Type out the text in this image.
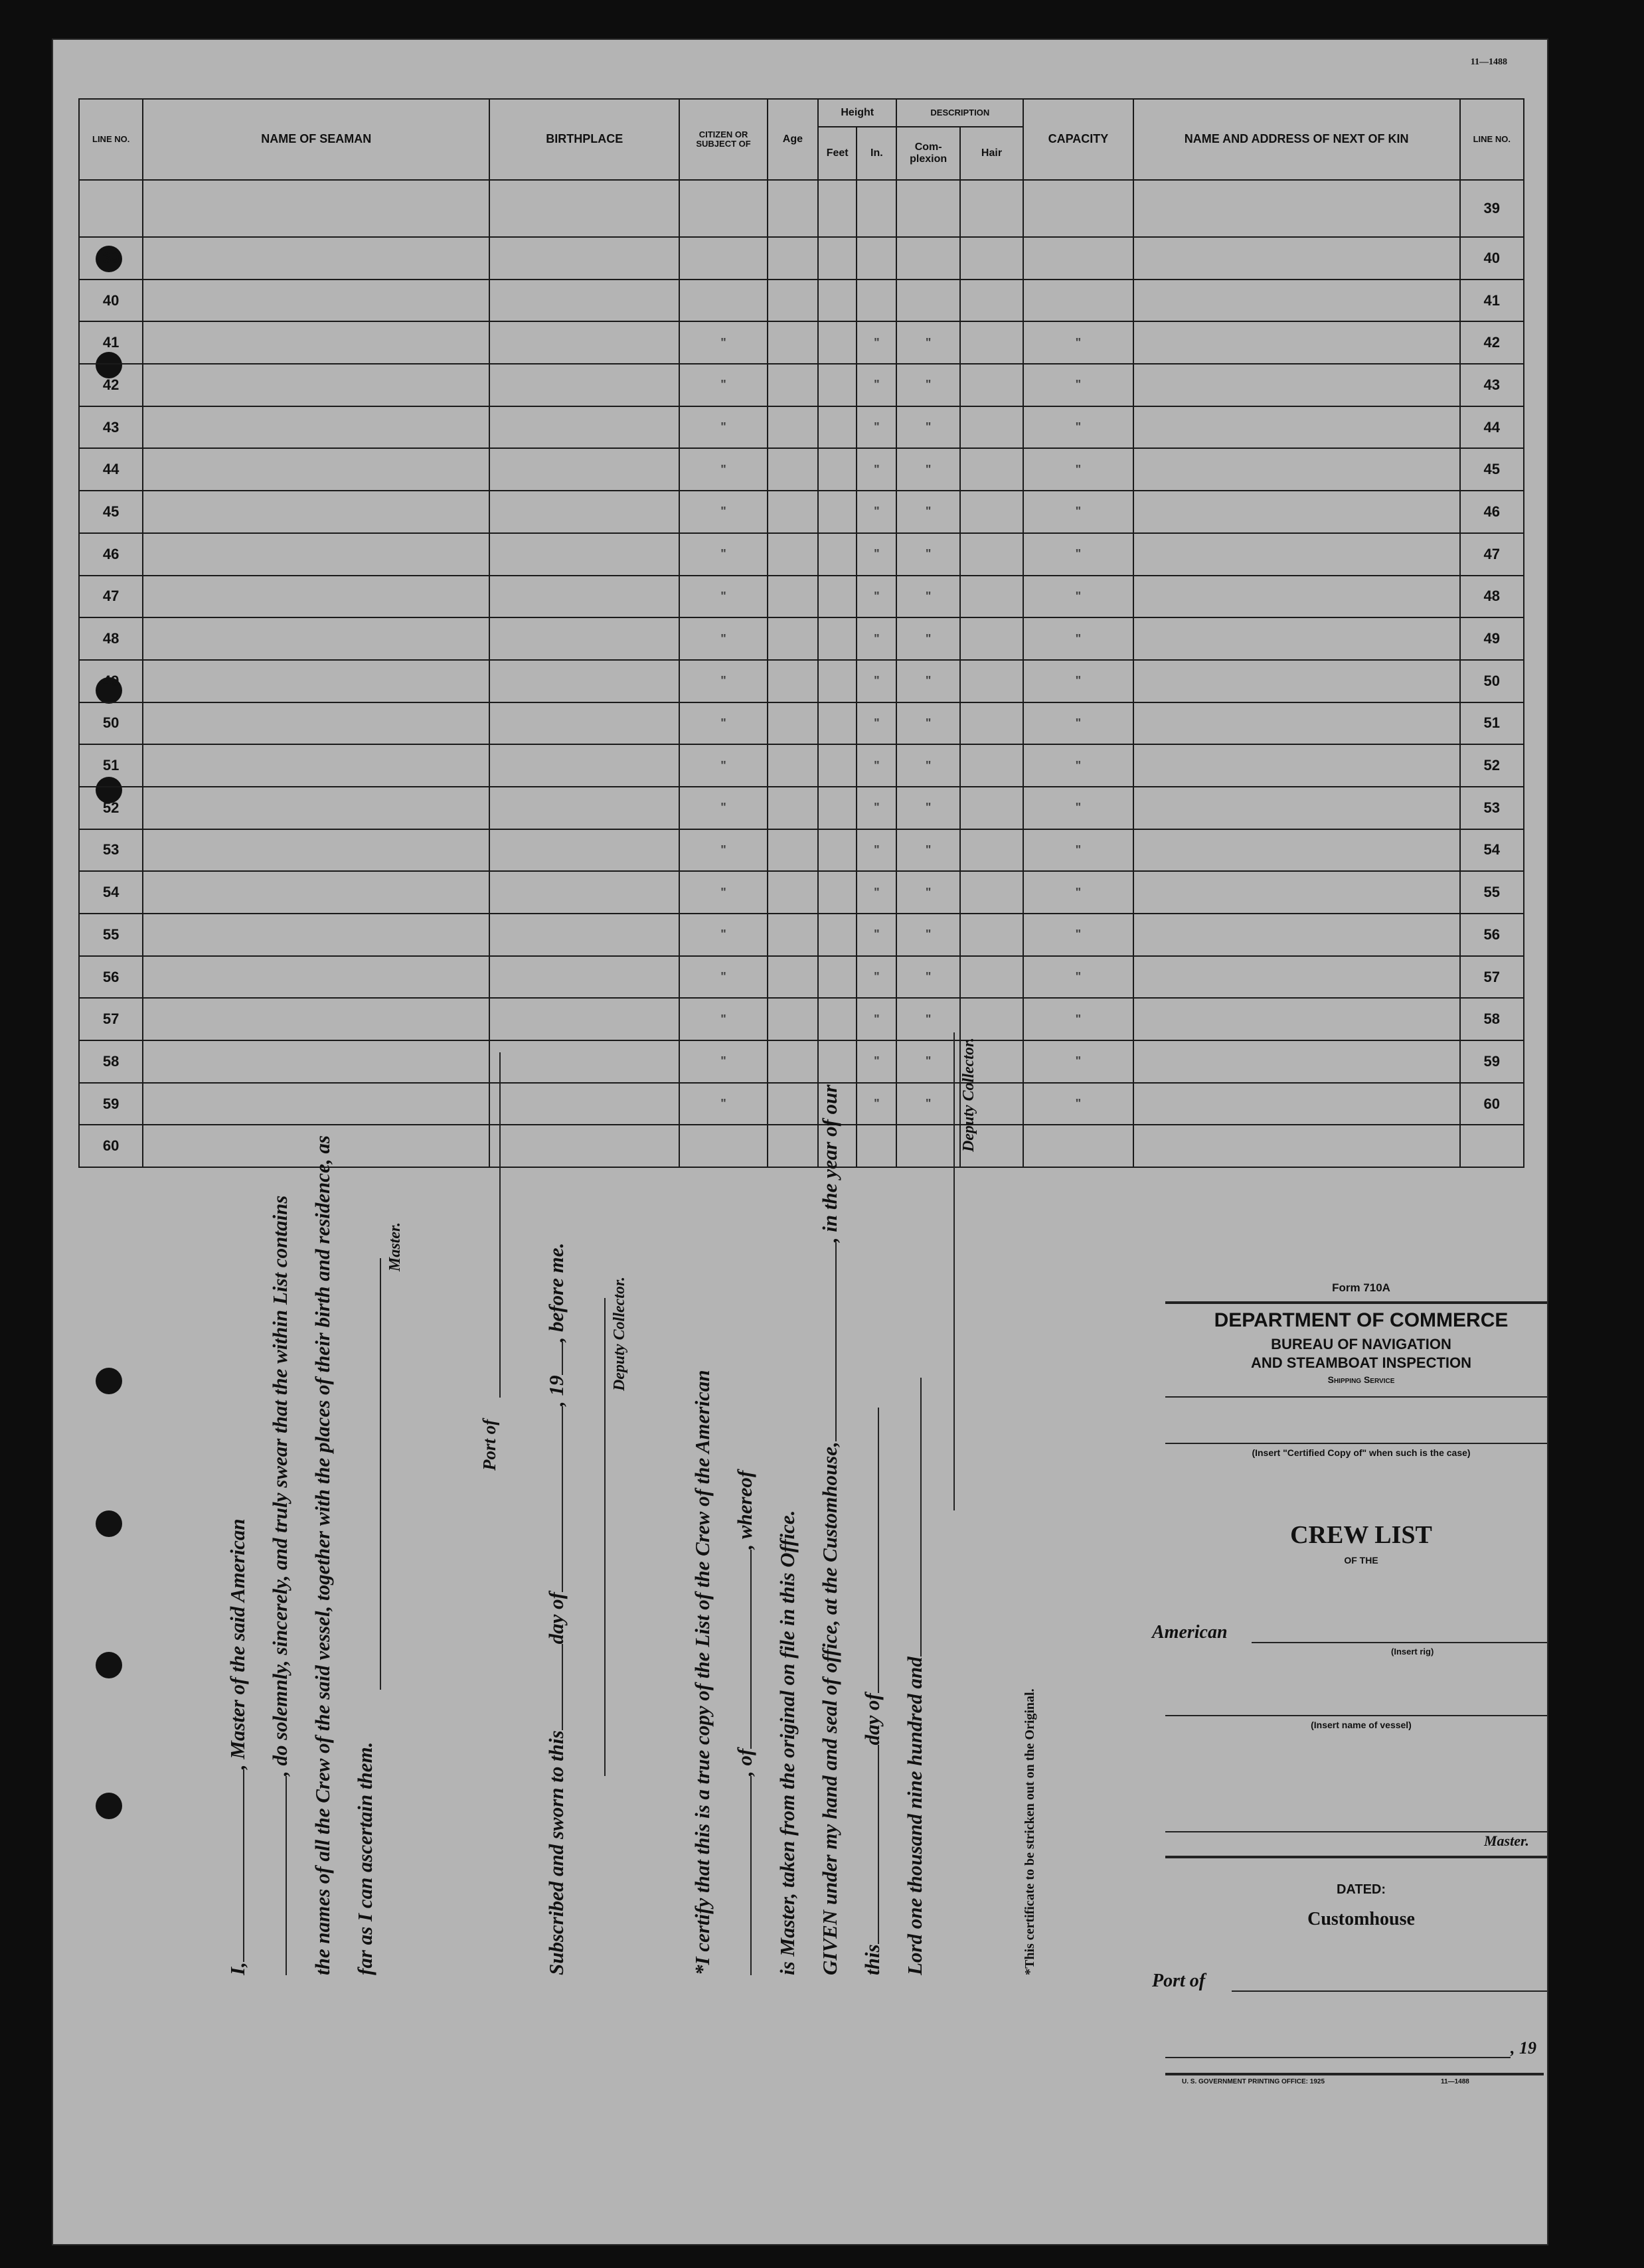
11—1488
LINE NO.	NAME OF SEAMAN	BIRTHPLACE	CITIZEN OR SUBJECT OF	Age	Height		DESCRIPTION		CAPACITY	NAME AND ADDRESS OF NEXT OF KIN	LINE NO.
					Feet	In.	Com-plexion	Hair			
											39
39											40
40											41
41			"			"	"		"		42
42			"			"	"		"		43
43			"			"	"		"		44
44			"			"	"		"		45
45			"			"	"		"		46
46			"			"	"		"		47
47			"			"	"		"		48
48			"			"	"		"		49
49			"			"	"		"		50
50			"			"	"		"		51
51			"			"	"		"		52
52			"			"	"		"		53
53			"			"	"		"		54
54			"			"	"		"		55
55			"			"	"		"		56
56			"			"	"		"		57
57			"			"	"		"		58
58			"			"	"		"		59
59			"			"	"		"		60
60											
I,, Master of the said American , do solemnly, sincerely, and truly swear that the within List contains the names of all the Crew of the said vessel, together with the places of their birth and residence, as far as I can ascertain them.
Master.
Port of
Subscribed and sworn to thisday of, 19, before me.	Deputy Collector.
*I certify that this is a true copy of the List of the Crew of the American , of, whereof
is Master, taken from the original on file in this Office. GIVEN under my hand and seal of office, at the Customhouse,, in the year of our
thisday of Lord one thousand nine hundred and
Deputy Collector.
*This certificate to be stricken out on the Original.
Form 710A
DEPARTMENT OF COMMERCE
BUREAU OF NAVIGATION
AND STEAMBOAT INSPECTION
Shipping Service
(Insert "Certified Copy of" when such is the case)
CREW LIST
OF THE
American
(Insert rig)
(Insert name of vessel)
Master.
DATED:
Customhouse
Port of
, 19
U. S. GOVERNMENT PRINTING OFFICE: 1925	11—1488
